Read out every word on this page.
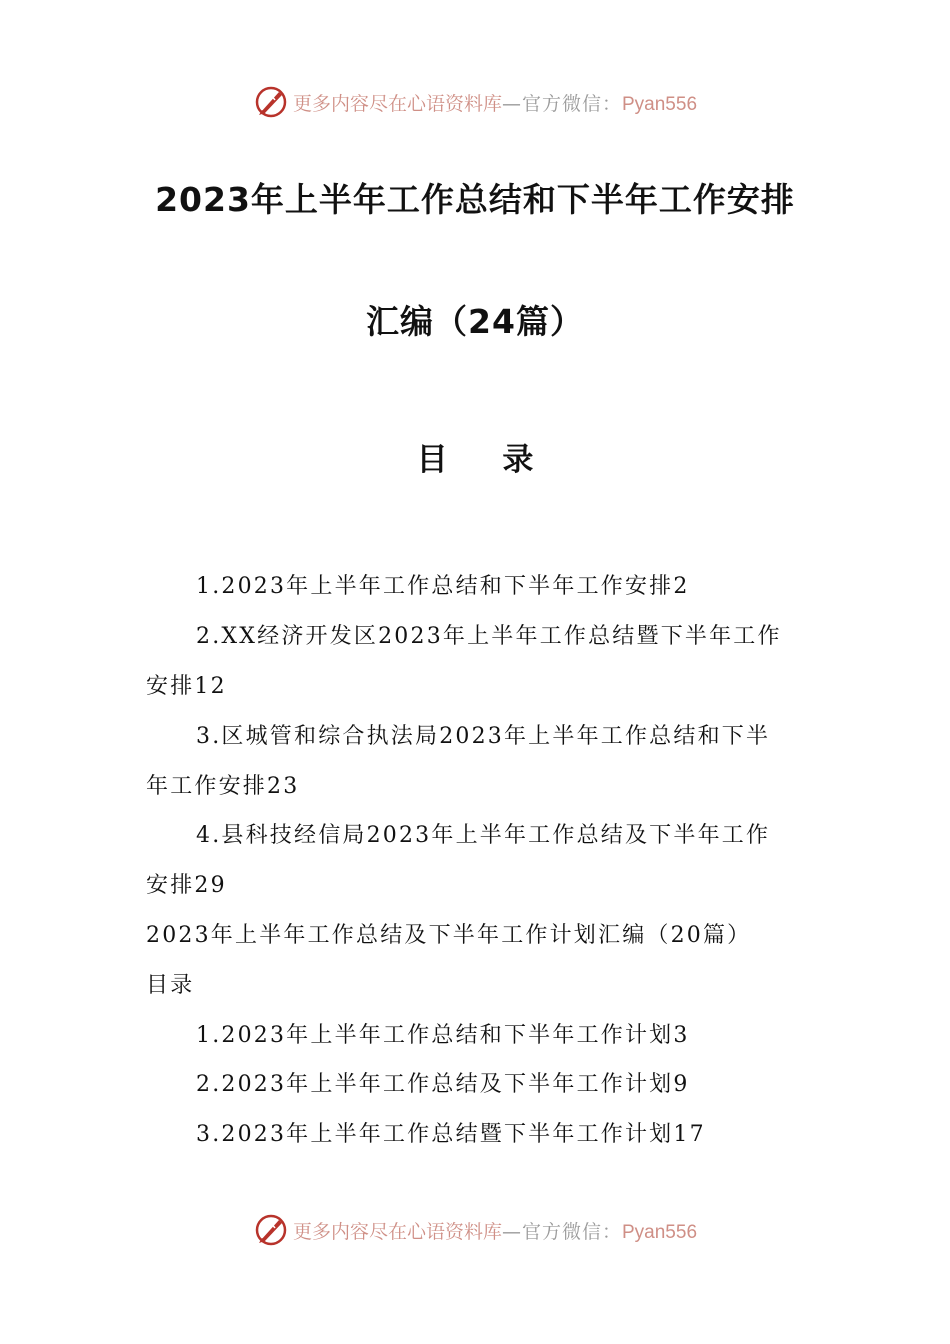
更多内容尽在心语资料库—官方微信：Pyan556
2023年上半年工作总结和下半年工作安排
汇编（24篇）
目 录
1.2023年上半年工作总结和下半年工作安排2
2.XX经济开发区2023年上半年工作总结暨下半年工作
安排12
3.区城管和综合执法局2023年上半年工作总结和下半
年工作安排23
4.县科技经信局2023年上半年工作总结及下半年工作
安排29
2023年上半年工作总结及下半年工作计划汇编（20篇）
目录
1.2023年上半年工作总结和下半年工作计划3
2.2023年上半年工作总结及下半年工作计划9
3.2023年上半年工作总结暨下半年工作计划17
更多内容尽在心语资料库—官方微信：Pyan556
